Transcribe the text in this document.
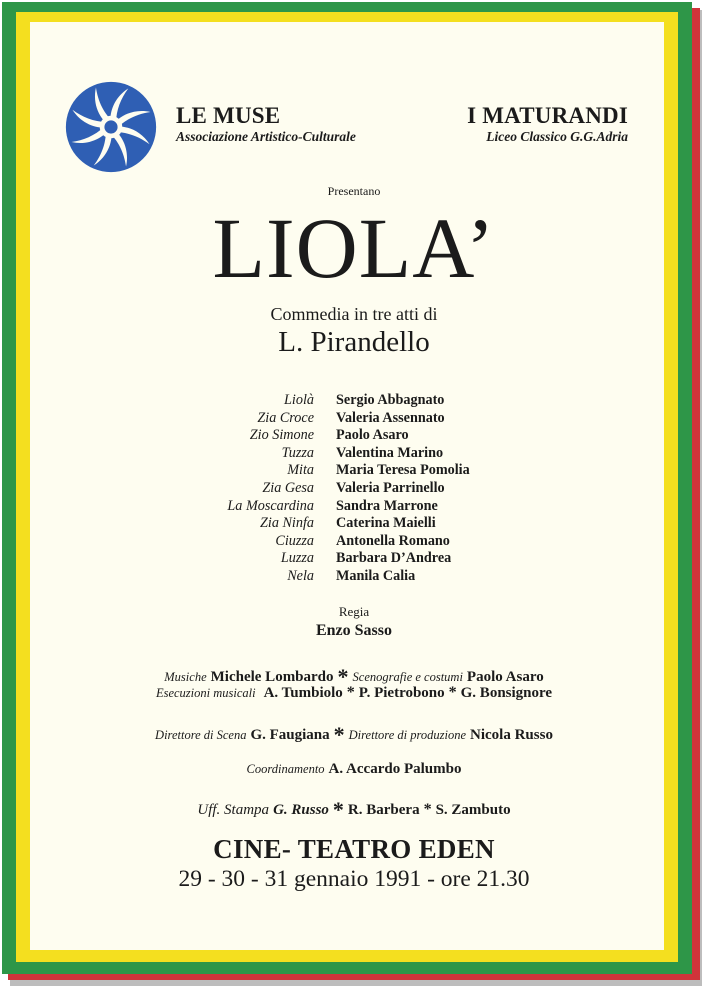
LE MUSE
Associazione Artistico-Culturale
I MATURANDI
Liceo Classico G.G.Adria
Presentano
LIOLA’
Commedia in tre atti di
L. Pirandello
Liolà Sergio Abbagnato
Zia Croce Valeria Assennato
Zio Simone Paolo Asaro
Tuzza Valentina Marino
Mita Maria Teresa Pomolia
Zia Gesa Valeria Parrinello
La Moscardina Sandra Marrone
Zia Ninfa Caterina Maielli
Ciuzza Antonella Romano
Luzza Barbara D’Andrea
Nela Manila Calia
Regia
Enzo Sasso
Musiche Michele Lombardo * Scenografie e costumi Paolo Asaro
Esecuzioni musicali A. Tumbiolo * P. Pietrobono * G. Bonsignore
Direttore di Scena G. Faugiana * Direttore di produzione Nicola Russo
Coordinamento A. Accardo Palumbo
Uff. Stampa G. Russo * R. Barbera * S. Zambuto
CINE- TEATRO EDEN
29 - 30 - 31 gennaio 1991 - ore 21.30
